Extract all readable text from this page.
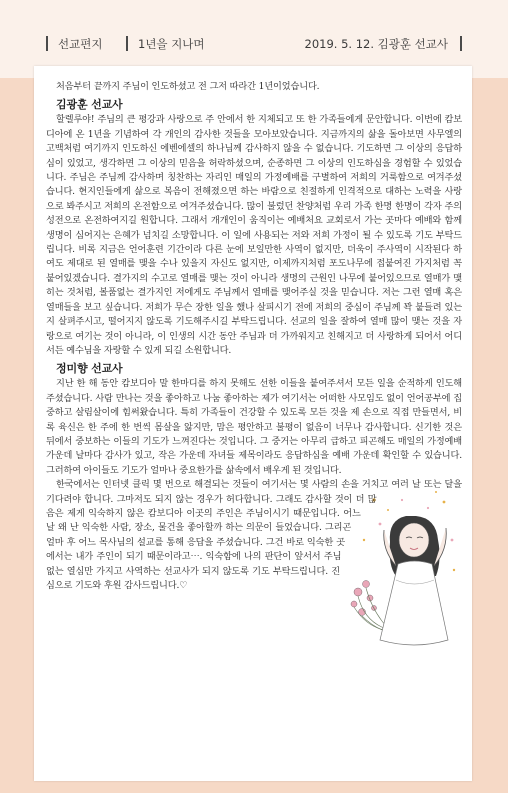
선교편지	1년을 지나며	2019. 5. 12. 김광훈 선교사

처음부터 끝까지 주님이 인도하셨고 전 그저 따라간 1년이었습니다.

김광훈 선교사

할렐루야! 주님의 큰 평강과 사랑으로 주 안에서 한 지체되고 또 한 가족들에게 문안합니다. 이번에 캄보디아에 온 1년을 기념하여 각 개인의 감사한 것들을 모아보았습니다. 지금까지의 삶을 돌아보면 사무엘의 고백처럼 여기까지 인도하신 에벤에셀의 하나님께 감사하지 않을 수 없습니다. 기도하면 그 이상의 응답하심이 있었고, 생각하면 그 이상의 믿음을 허락하셨으며, 순종하면 그 이상의 인도하심을 경험할 수 있었습니다. 주님은 주님께 감사하며 칭찬하는 자리인 매일의 가정예배를 구별하여 저희의 거룩함으로 여겨주셨습니다. 현지인들에게 삶으로 복음이 전해졌으면 하는 바람으로 친절하게 인격적으로 대하는 노력을 사랑으로 봐주시고 저희의 온전함으로 여겨주셨습니다. 많이 불렀던 찬양처럼 우리 가족 한명 한명이 각자 주의 성전으로 온전하여지길 원합니다. 그래서 개개인이 움직이는 예배처요 교회로서 가는 곳마다 예배와 함께 생명이 심어지는 은혜가 넘치길 소망합니다. 이 일에 사용되는 저와 저희 가정이 될 수 있도록 기도 부탁드립니다. 비록 지금은 언어훈련 기간이라 다른 눈에 보일만한 사역이 없지만, 더욱이 주사역이 시작된다 하여도 제대로 된 열매를 맺을 수나 있을지 자신도 없지만, 이제까지처럼 포도나무에 접붙여진 가지처럼 꼭 붙어있겠습니다. 결가지의 수고로 열매를 맺는 것이 아니라 생명의 근원인 나무에 붙어있으므로 열매가 맺히는 것처럼, 볼품없는 결가지인 저에게도 주님께서 열매를 맺어주실 것을 믿습니다. 저는 그런 열매 혹은 열매들을 보고 싶습니다. 저희가 무슨 장한 일을 했나 살피시기 전에 저희의 중심이 주님께 꽉 붙들려 있는지 살펴주시고, 떨어지지 않도록 기도해주시길 부탁드립니다. 선교의 일을 잘하여 열매 많이 맺는 것을 자랑으로 여기는 것이 아니라, 이 인생의 시간 동안 주님과 더 가까워지고 친해지고 더 사랑하게 되어서 어디서든 예수님을 자랑할 수 있게 되길 소원합니다.

정미향 선교사

지난 한 해 동안 캄보디아 말 한마디를 하지 못해도 선한 이들을 붙여주셔서 모든 일을 순적하게 인도해 주셨습니다. 사람 만나는 것을 좋아하고 나눔 좋아하는 제가 여기서는 어떠한 사모임도 없이 언어공부에 집중하고 살림살이에 힘써왔습니다. 특히 가족들이 건강할 수 있도록 모든 것을 제 손으로 직접 만들면서, 비록 육신은 한 주에 한 번씩 몸살을 앓지만, 맘은 평안하고 불평이 없음이 너무나 감사합니다. 신기한 것은 뒤에서 중보하는 이들의 기도가 느껴진다는 것입니다. 그 중거는 아무리 급하고 피곤해도 매일의 가정예배 가운데 날마다 감사가 있고, 작은 가운데 자녀들 제목이라도 응답하심을 예배 가운데 확인할 수 있습니다. 그러하여 아이들도 기도가 얼마나 중요한가를 삶속에서 배우게 된 것입니다.

한국에서는 인터넷 클릭 몇 번으로 해결되는 것들이 여기서는 몇 사람의 손을 거치고 여러 날 또는 달을 기다려야 합니다. 그마저도 되지 않는 경우가 허다합니다. 그래도 감사할 것이 더 많음은 제게 익숙하지 않은 캄보디아 이곳의 주인은 주님이시기 때문입니다. 어느 날 왜 난 익숙한 사람, 장소, 물건을 좋아할까 하는 의문이 들었습니다. 그리곤 얼마 후 어느 목사님의 설교를 통해 응답을 주셨습니다. 그건 바로 익숙한 곳에서는 내가 주인이 되기 때문이라고⋯. 익숙함에 나의 판단이 앞서서 주님 없는 열심만 가지고 사역하는 선교사가 되지 않도록 기도 부탁드립니다. 진심으로 기도와 후원 감사드립니다.♡
